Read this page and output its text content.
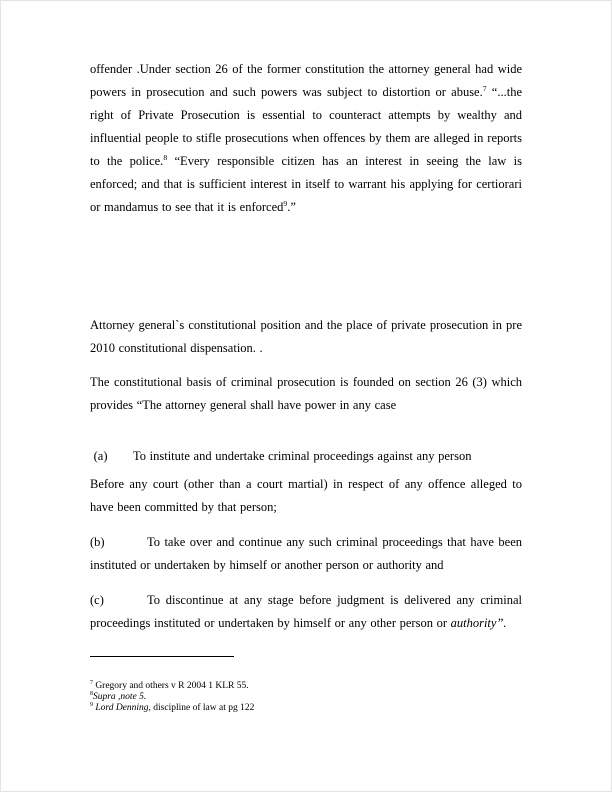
offender .Under section 26 of the former constitution the attorney general had wide powers in prosecution and such powers was subject to distortion or abuse.$^7$ “...the right of Private Prosecution is essential to counteract attempts by wealthy and influential people to stifle prosecutions when offences by them are alleged in reports to the police.$^8$ “Every responsible citizen has an interest in seeing the law is enforced; and that is sufficient interest in itself to warrant his applying for certiorari or mandamus to see that it is enforced$^9$.”

Attorney general`s constitutional position and the place of private prosecution in pre 2010 constitutional dispensation. .

The constitutional basis of criminal prosecution is founded on section 26 (3) which provides “The attorney general shall have power in any case

(a) To institute and undertake criminal proceedings against any person

Before any court (other than a court martial) in respect of any offence alleged to have been committed by that person;

(b)	To take over and continue any such criminal proceedings that have been instituted or undertaken by himself or another person or authority and

(c)	To discontinue at any stage before judgment is delivered any criminal proceedings instituted or undertaken by himself or any other person or authority”.

$^7$ Gregory and others v R 2004 1 KLR 55.

$^8$Supra ,note 5.

$^9$ Lord Denning, discipline of law at pg 122
